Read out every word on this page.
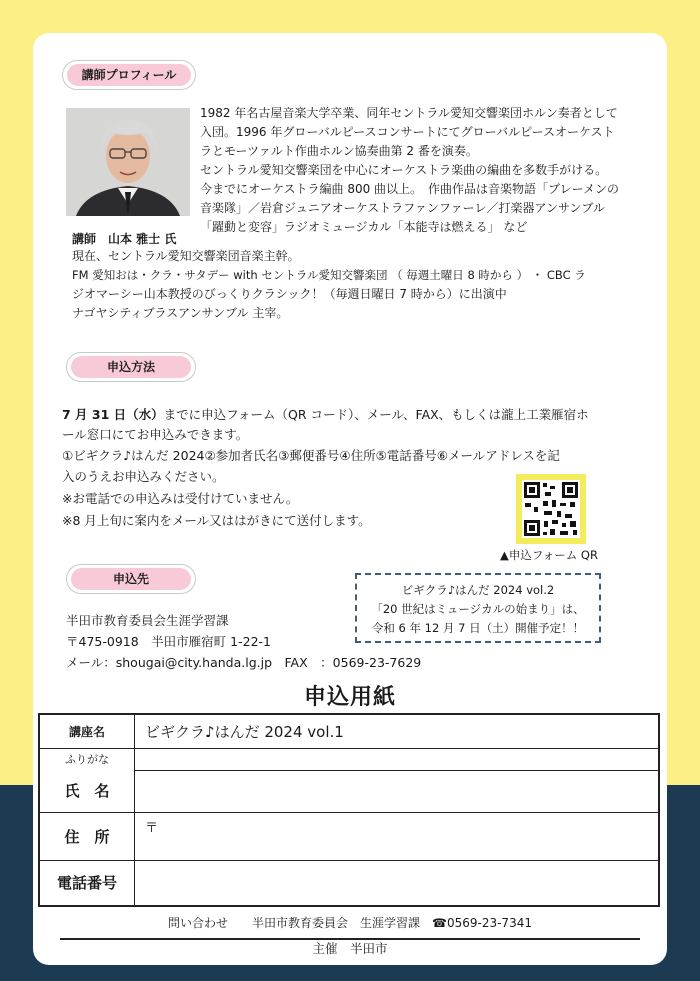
講師プロフィール
講師　山本 雅士 氏
1982 年名古屋音楽大学卒業、同年セントラル愛知交響楽団ホルン奏者として
入団。1996 年グローバルピースコンサートにてグローバルピースオーケスト
ラとモーツァルト作曲ホルン協奏曲第 2 番を演奏。
セントラル愛知交響楽団を中心にオーケストラ楽曲の編曲を多数手がける。
今までにオーケストラ編曲 800 曲以上。　作曲作品は音楽物語「ブレーメンの
音楽隊」／岩倉ジュニアオーケストラファンファーレ／打楽器アンサンブル
「躍動と変容」ラジオミュージカル「本能寺は燃える」 など
現在、セントラル愛知交響楽団音楽主幹。
FM 愛知おは・クラ・サタデー with セントラル愛知交響楽団 （ 毎週土曜日 8 時から ） ・ CBC ラ
ジオマーシー山本教授のびっくりクラシック！（毎週日曜日 7 時から）に出演中
ナゴヤシティブラスアンサンブル 主宰。
申込方法
7 月 31 日（水）までに申込フォーム（QR コード）、メール、FAX、もしくは瀧上工業雁宿ホ
ール窓口にてお申込みできます。
①ビギクラ♪はんだ 2024②参加者氏名③郵便番号④住所⑤電話番号⑥メールアドレスを記
入のうえお申込みください。
※お電話での申込みは受付けていません。
※8 月上旬に案内をメール又ははがきにて送付します。
▲申込フォーム QR
申込先
半田市教育委員会生涯学習課
〒475-0918　半田市雁宿町 1-22-1
メール：shougai@city.handa.lg.jp　FAX　：0569-23-7629
ビギクラ♪はんだ 2024 vol.2
「20 世紀はミュージカルの始まり」は、
令和 6 年 12 月 7 日（土）開催予定！！
申込用紙
講座名	ビギクラ♪はんだ 2024 vol.1
ふりがな	
氏　名	
住　所	〒
電話番号	
問い合わせ　　半田市教育委員会　生涯学習課　☎0569-23-7341
主催　半田市
